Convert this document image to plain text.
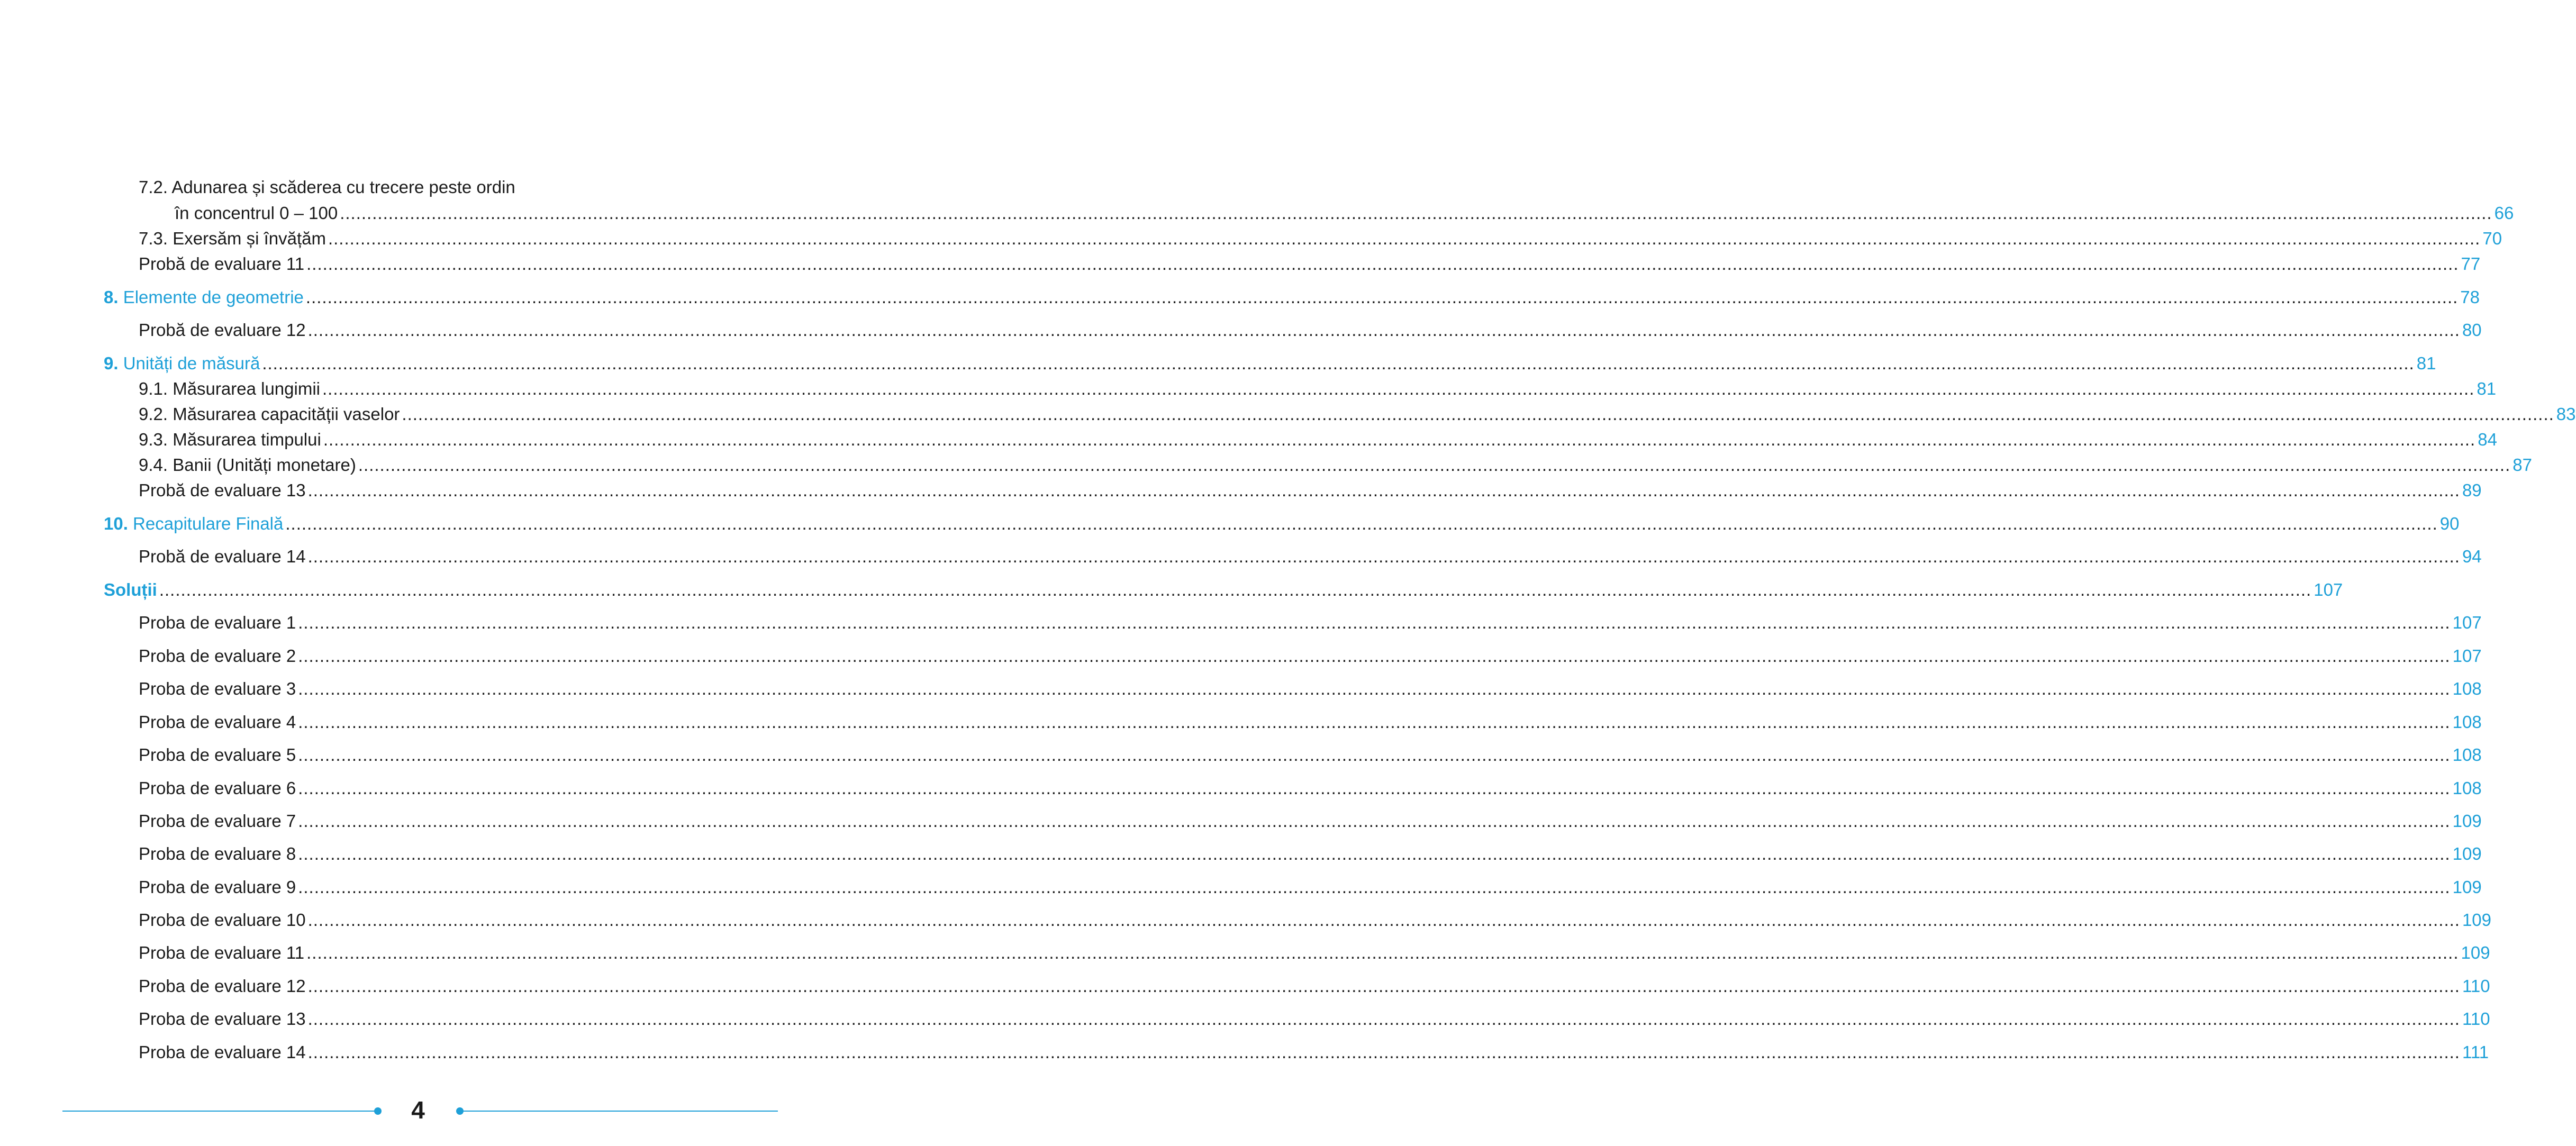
7.2. Adunarea și scăderea cu trecere peste ordin
în concentrul 0 – 100 ................................................................................................................................................................................................................................................................................................................................................................................................................ 66
7.3. Exersăm și învățăm ................................................................................................................................................................................................................................................................................................................................................................................................................ 70
Probă de evaluare 11 ................................................................................................................................................................................................................................................................................................................................................................................................................ 77
8. Elemente de geometrie ................................................................................................................................................................................................................................................................................................................................................................................................................ 78
Probă de evaluare 12 ................................................................................................................................................................................................................................................................................................................................................................................................................ 80
9. Unități de măsură ................................................................................................................................................................................................................................................................................................................................................................................................................ 81
9.1. Măsurarea lungimii ................................................................................................................................................................................................................................................................................................................................................................................................................ 81
9.2. Măsurarea capacității vaselor ................................................................................................................................................................................................................................................................................................................................................................................................................ 83
9.3. Măsurarea timpului ................................................................................................................................................................................................................................................................................................................................................................................................................ 84
9.4. Banii (Unități monetare) ................................................................................................................................................................................................................................................................................................................................................................................................................ 87
Probă de evaluare 13 ................................................................................................................................................................................................................................................................................................................................................................................................................ 89
10. Recapitulare Finală ................................................................................................................................................................................................................................................................................................................................................................................................................ 90
Probă de evaluare 14 ................................................................................................................................................................................................................................................................................................................................................................................................................ 94
Soluții ................................................................................................................................................................................................................................................................................................................................................................................................................ 107
Proba de evaluare 1 ................................................................................................................................................................................................................................................................................................................................................................................................................ 107
Proba de evaluare 2 ................................................................................................................................................................................................................................................................................................................................................................................................................ 107
Proba de evaluare 3 ................................................................................................................................................................................................................................................................................................................................................................................................................ 108
Proba de evaluare 4 ................................................................................................................................................................................................................................................................................................................................................................................................................ 108
Proba de evaluare 5 ................................................................................................................................................................................................................................................................................................................................................................................................................ 108
Proba de evaluare 6 ................................................................................................................................................................................................................................................................................................................................................................................................................ 108
Proba de evaluare 7 ................................................................................................................................................................................................................................................................................................................................................................................................................ 109
Proba de evaluare 8 ................................................................................................................................................................................................................................................................................................................................................................................................................ 109
Proba de evaluare 9 ................................................................................................................................................................................................................................................................................................................................................................................................................ 109
Proba de evaluare 10 ................................................................................................................................................................................................................................................................................................................................................................................................................ 109
Proba de evaluare 11 ................................................................................................................................................................................................................................................................................................................................................................................................................ 109
Proba de evaluare 12 ................................................................................................................................................................................................................................................................................................................................................................................................................ 110
Proba de evaluare 13 ................................................................................................................................................................................................................................................................................................................................................................................................................ 110
Proba de evaluare 14 ................................................................................................................................................................................................................................................................................................................................................................................................................ 111
4
